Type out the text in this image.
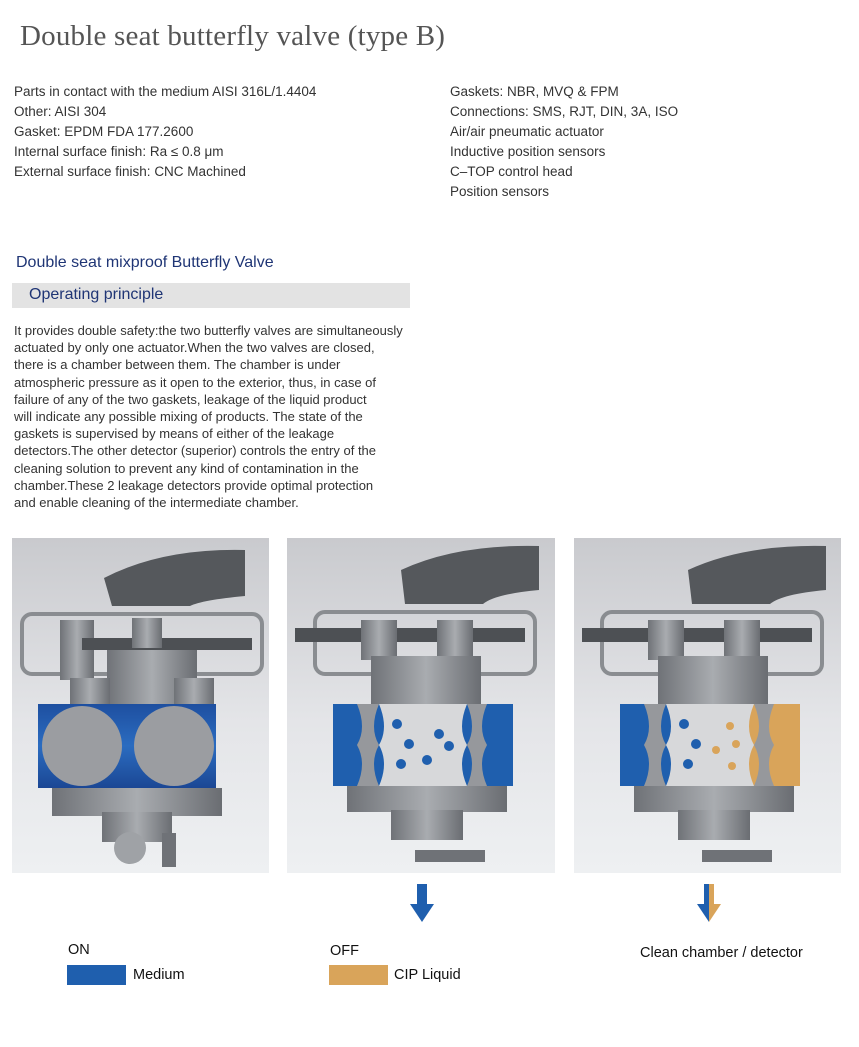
Double seat butterfly valve (type B)
Parts in contact with the medium AISI 316L/1.4404
Other: AISI 304
Gasket: EPDM FDA 177.2600
Internal surface finish: Ra ≤ 0.8 μm
External surface finish: CNC Machined
Gaskets: NBR, MVQ & FPM
Connections: SMS, RJT, DIN, 3A, ISO
Air/air pneumatic actuator
Inductive position sensors
C–TOP control head
Position sensors
Double seat mixproof Butterfly Valve
Operating principle
It provides double safety:the two butterfly valves are simultaneously
actuated by only one actuator.When the two valves are closed,
there is a chamber between them. The chamber is under
atmospheric pressure as it open to the exterior, thus, in case of
failure of any of the two gaskets, leakage of the liquid product
will indicate any possible mixing of products. The state of the
gaskets is supervised by means of either of the leakage
detectors.The other detector (superior) controls the entry of the
cleaning solution to prevent any kind of contamination in the
chamber.These 2 leakage detectors provide optimal protection
and enable cleaning of the intermediate chamber.
ON
Medium
OFF
CIP Liquid
Clean chamber / detector
